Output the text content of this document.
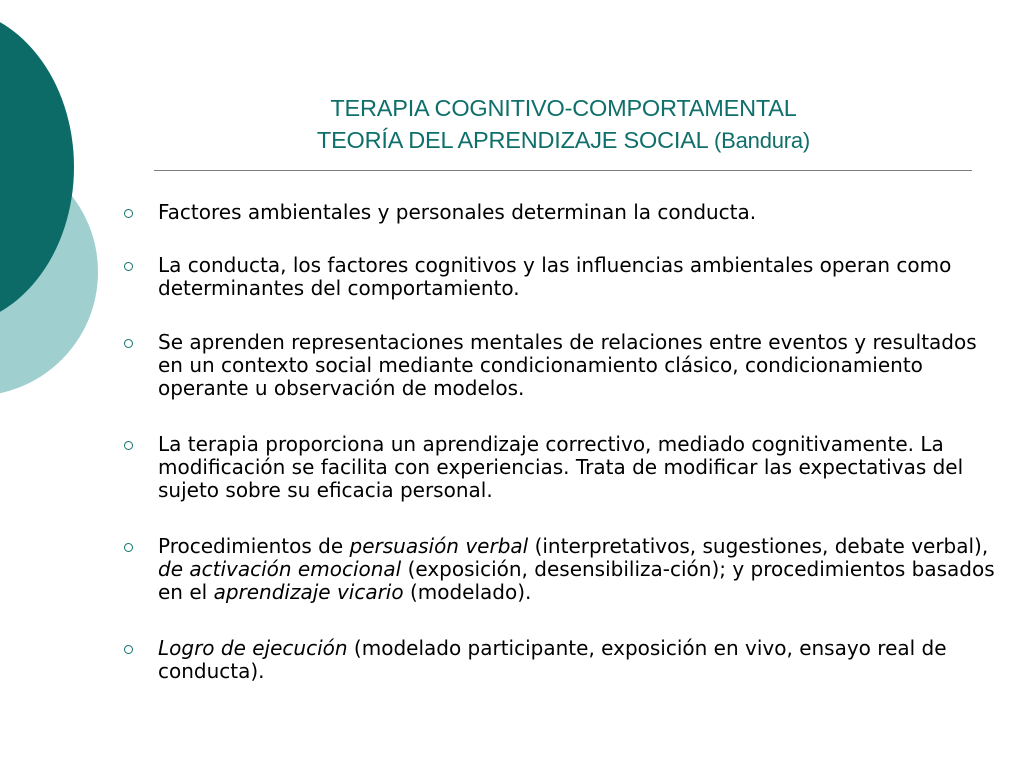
TERAPIA COGNITIVO-COMPORTAMENTAL
TEORÍA DEL APRENDIZAJE SOCIAL (Bandura)
Factores ambientales y personales determinan la conducta.
La conducta, los factores cognitivos y las influencias ambientales operan como determinantes del comportamiento.
Se aprenden representaciones mentales de relaciones entre eventos y resultados en un contexto social mediante condicionamiento clásico, condicionamiento operante u observación de modelos.
La terapia proporciona un aprendizaje correctivo, mediado cognitivamente. La modificación se facilita con experiencias. Trata de modificar las expectativas del sujeto sobre su eficacia personal.
Procedimientos de persuasión verbal (interpretativos, sugestiones, debate verbal), de activación emocional (exposición, desensibiliza-ción); y procedimientos basados en el aprendizaje vicario (modelado).
Logro de ejecución (modelado participante, exposición en vivo, ensayo real de conducta).
